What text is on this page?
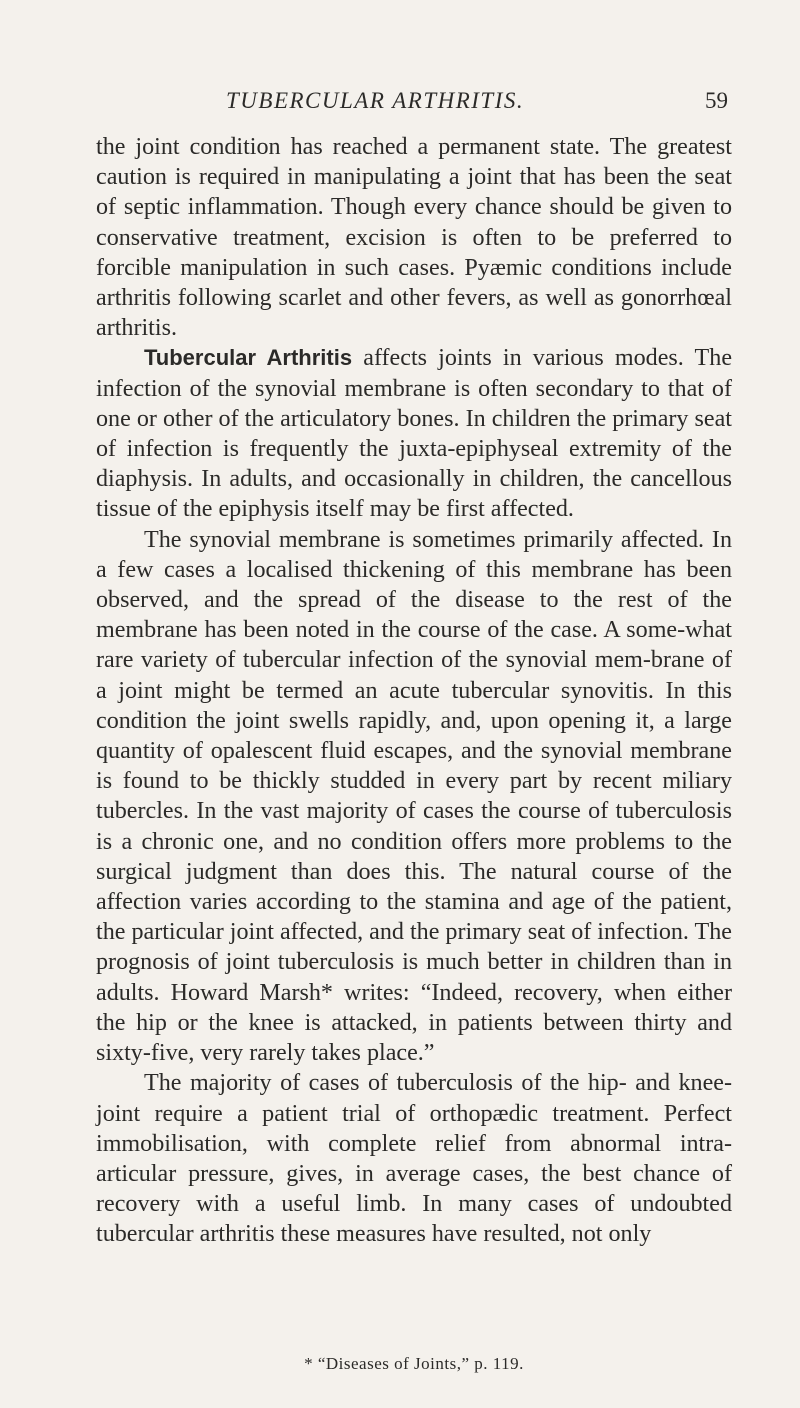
TUBERCULAR ARTHRITIS.	59

the joint condition has reached a permanent state. The greatest caution is required in manipulating a joint that has been the seat of septic inflammation. Though every chance should be given to conservative treatment, excision is often to be preferred to forcible manipulation in such cases. Pyæmic conditions include arthritis following scarlet and other fevers, as well as gonorrhœal arthritis.

Tubercular Arthritis affects joints in various modes. The infection of the synovial membrane is often secondary to that of one or other of the articulatory bones. In children the primary seat of infection is frequently the juxta-epiphyseal extremity of the diaphysis. In adults, and occasionally in children, the cancellous tissue of the epiphysis itself may be first affected.

The synovial membrane is sometimes primarily affected. In a few cases a localised thickening of this membrane has been observed, and the spread of the disease to the rest of the membrane has been noted in the course of the case. A some-what rare variety of tubercular infection of the synovial mem-brane of a joint might be termed an acute tubercular synovitis. In this condition the joint swells rapidly, and, upon opening it, a large quantity of opalescent fluid escapes, and the synovial membrane is found to be thickly studded in every part by recent miliary tubercles. In the vast majority of cases the course of tuberculosis is a chronic one, and no condition offers more problems to the surgical judgment than does this. The natural course of the affection varies according to the stamina and age of the patient, the particular joint affected, and the primary seat of infection. The prognosis of joint tuberculosis is much better in children than in adults. Howard Marsh* writes: “Indeed, recovery, when either the hip or the knee is attacked, in patients between thirty and sixty-five, very rarely takes place.”

The majority of cases of tuberculosis of the hip- and knee-joint require a patient trial of orthopædic treatment. Perfect immobilisation, with complete relief from abnormal intra-articular pressure, gives, in average cases, the best chance of recovery with a useful limb. In many cases of undoubted tubercular arthritis these measures have resulted, not only

* “Diseases of Joints,” p. 119.
